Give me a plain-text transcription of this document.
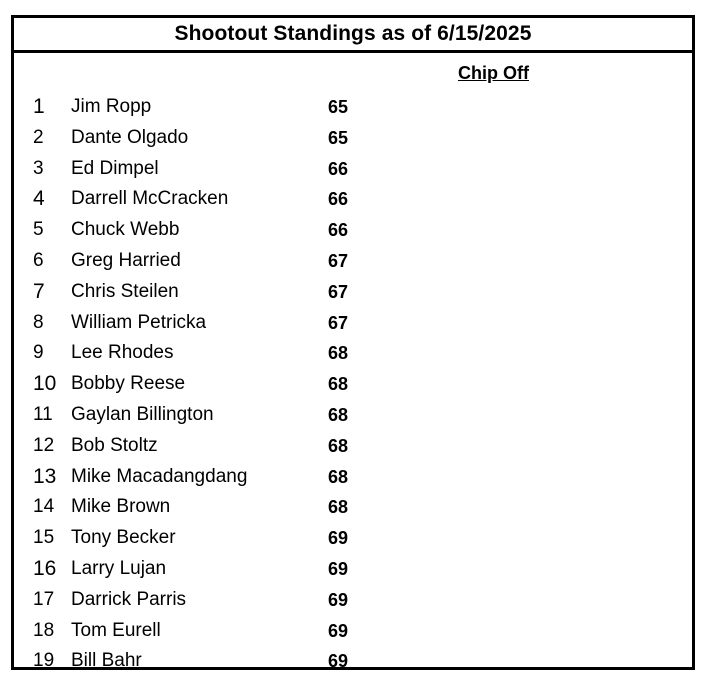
Shootout Standings as of 6/15/2025
Chip Off
1	Jim Ropp	65
2	Dante Olgado	65
3	Ed Dimpel	66
4	Darrell McCracken	66
5	Chuck Webb	66
6	Greg Harried	67
7	Chris Steilen	67
8	William Petricka	67
9	Lee Rhodes	68
10 Bobby Reese	68
11 Gaylan Billington	68
12 Bob Stoltz	68
13 Mike Macadangdang	68
14 Mike Brown	68
15 Tony Becker	69
16 Larry Lujan	69
17 Darrick Parris	69
18 Tom Eurell	69
19 Bill Bahr	69
